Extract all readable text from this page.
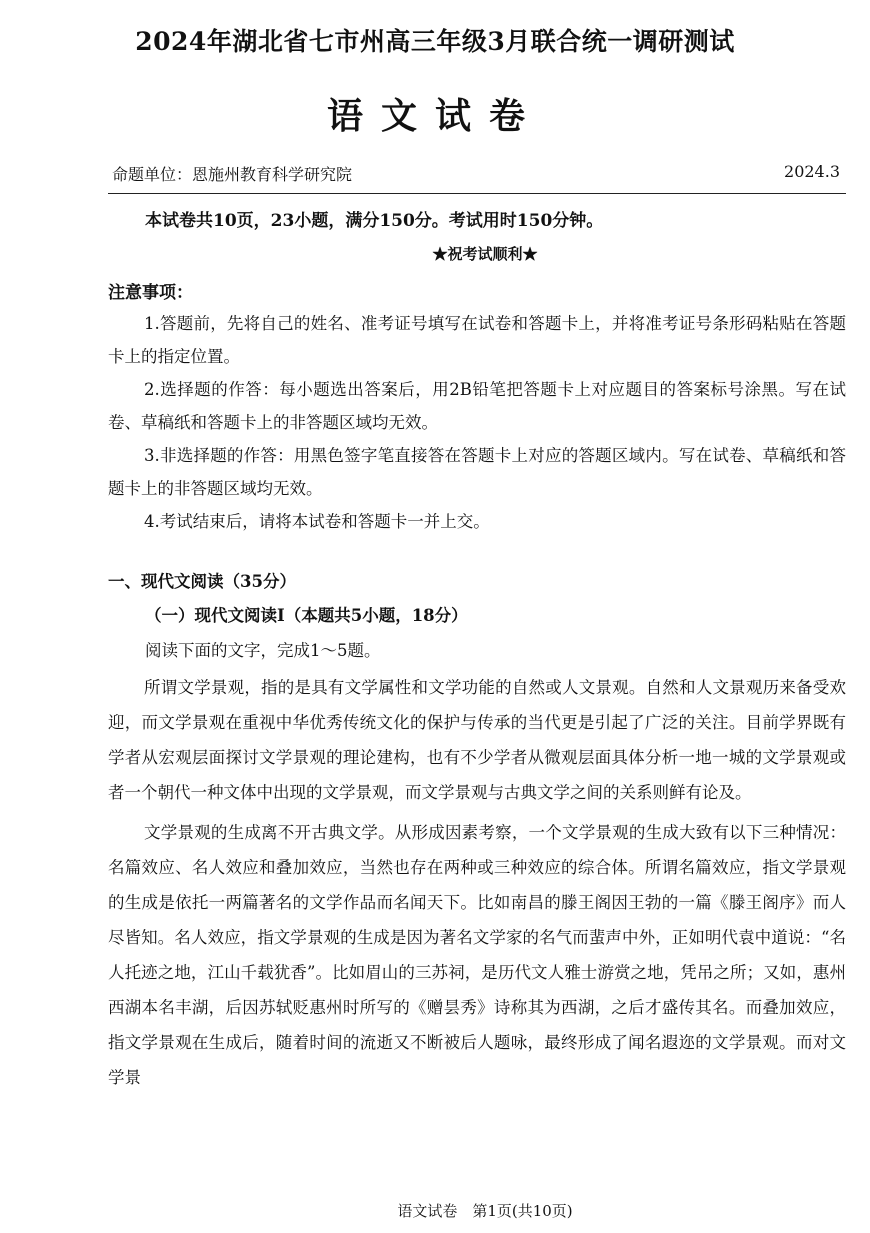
2024年湖北省七市州高三年级3月联合统一调研测试
语文试卷
命题单位：恩施州教育科学研究院	2024.3
本试卷共10页，23小题，满分150分。考试用时150分钟。
★祝考试顺利★
注意事项：

1.答题前，先将自己的姓名、准考证号填写在试卷和答题卡上，并将准考证号条形码粘贴在答题卡上的指定位置。

2.选择题的作答：每小题选出答案后，用2B铅笔把答题卡上对应题目的答案标号涂黑。写在试卷、草稿纸和答题卡上的非答题区域均无效。

3.非选择题的作答：用黑色签字笔直接答在答题卡上对应的答题区域内。写在试卷、草稿纸和答题卡上的非答题区域均无效。

4.考试结束后，请将本试卷和答题卡一并上交。

一、现代文阅读（35分）
（一）现代文阅读Ⅰ（本题共5小题，18分）
阅读下面的文字，完成1～5题。

所谓文学景观，指的是具有文学属性和文学功能的自然或人文景观。自然和人文景观历来备受欢迎，而文学景观在重视中华优秀传统文化的保护与传承的当代更是引起了广泛的关注。目前学界既有学者从宏观层面探讨文学景观的理论建构，也有不少学者从微观层面具体分析一地一城的文学景观或者一个朝代一种文体中出现的文学景观，而文学景观与古典文学之间的关系则鲜有论及。

文学景观的生成离不开古典文学。从形成因素考察，一个文学景观的生成大致有以下三种情况：名篇效应、名人效应和叠加效应，当然也存在两种或三种效应的综合体。所谓名篇效应，指文学景观的生成是依托一两篇著名的文学作品而名闻天下。比如南昌的滕王阁因王勃的一篇《滕王阁序》而人尽皆知。名人效应，指文学景观的生成是因为著名文学家的名气而蜚声中外，正如明代袁中道说：“名人托迹之地，江山千载犹香”。比如眉山的三苏祠，是历代文人雅士游赏之地，凭吊之所；又如，惠州西湖本名丰湖，后因苏轼贬惠州时所写的《赠昙秀》诗称其为西湖，之后才盛传其名。而叠加效应，指文学景观在生成后，随着时间的流逝又不断被后人题咏，最终形成了闻名遐迩的文学景观。而对文学景

语文试卷　第1页(共10页)
